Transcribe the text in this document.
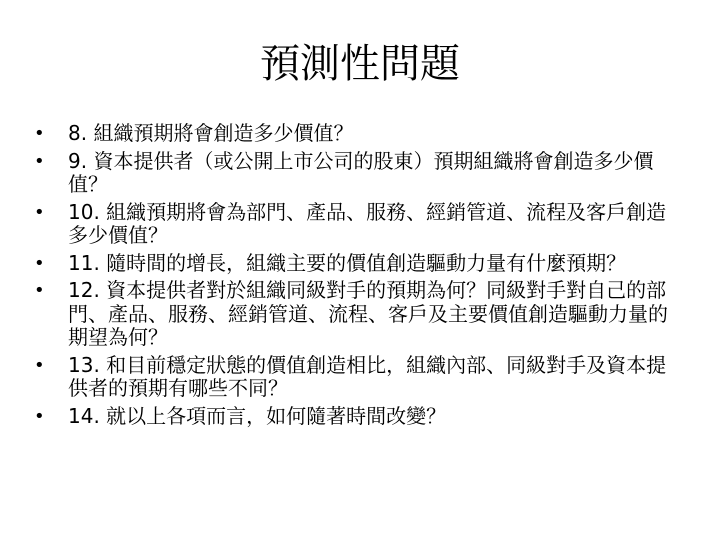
預測性問題
• 8. 組織預期將會創造多少價值？
• 9. 資本提供者（或公開上市公司的股東）預期組織將會創造多少價值？
• 10. 組織預期將會為部門、產品、服務、經銷管道、流程及客戶創造多少價值？
• 11. 隨時間的增長，組織主要的價值創造驅動力量有什麼預期？
• 12. 資本提供者對於組織同級對手的預期為何？同級對手對自己的部門、產品、服務、經銷管道、流程、客戶及主要價值創造驅動力量的期望為何？
• 13. 和目前穩定狀態的價值創造相比，組織內部、同級對手及資本提供者的預期有哪些不同？
• 14. 就以上各項而言，如何隨著時間改變？
